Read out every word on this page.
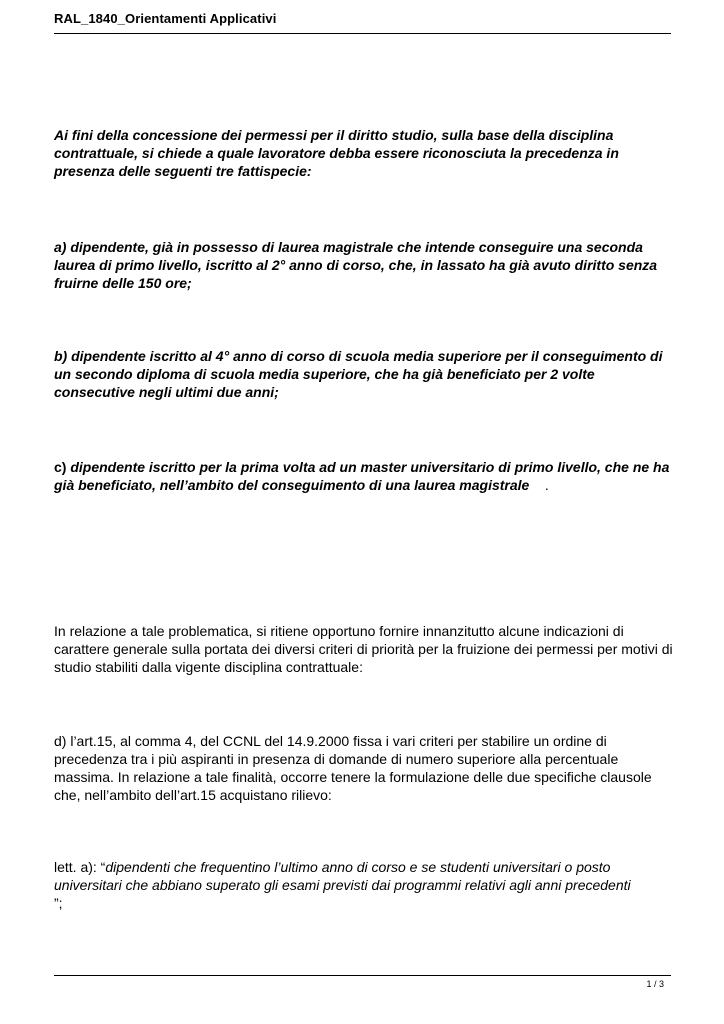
RAL_1840_Orientamenti Applicativi

Ai fini della concessione dei permessi per il diritto studio, sulla base della disciplina contrattuale, si chiede a quale lavoratore debba essere riconosciuta la precedenza in presenza delle seguenti tre fattispecie:

a) dipendente, già in possesso di laurea magistrale che intende conseguire una seconda laurea di primo livello, iscritto al 2° anno di corso, che, in lassato ha già avuto diritto senza fruirne delle 150 ore;

b) dipendente iscritto al 4° anno di corso di scuola media superiore per il conseguimento di un secondo diploma di scuola media superiore, che ha già beneficiato per 2 volte consecutive negli ultimi due anni;

c) dipendente iscritto per la prima volta ad un master universitario di primo livello, che ne ha già beneficiato, nell’ambito del conseguimento di una laurea magistrale    .

In relazione a tale problematica, si ritiene opportuno fornire innanzitutto alcune indicazioni di carattere generale sulla portata dei diversi criteri di priorità per la fruizione dei permessi per motivi di studio stabiliti dalla vigente disciplina contrattuale:

d) l’art.15, al comma 4, del CCNL del 14.9.2000 fissa i vari criteri per stabilire un ordine di precedenza tra i più aspiranti in presenza di domande di numero superiore alla percentuale massima. In relazione a tale finalità, occorre tenere la formulazione delle due specifiche clausole che, nell’ambito dell’art.15 acquistano rilievo:

lett. a): “dipendenti che frequentino l’ultimo anno di corso e se studenti universitari o posto universitari che abbiano superato gli esami previsti dai programmi relativi agli anni precedenti
”;

1 / 3
